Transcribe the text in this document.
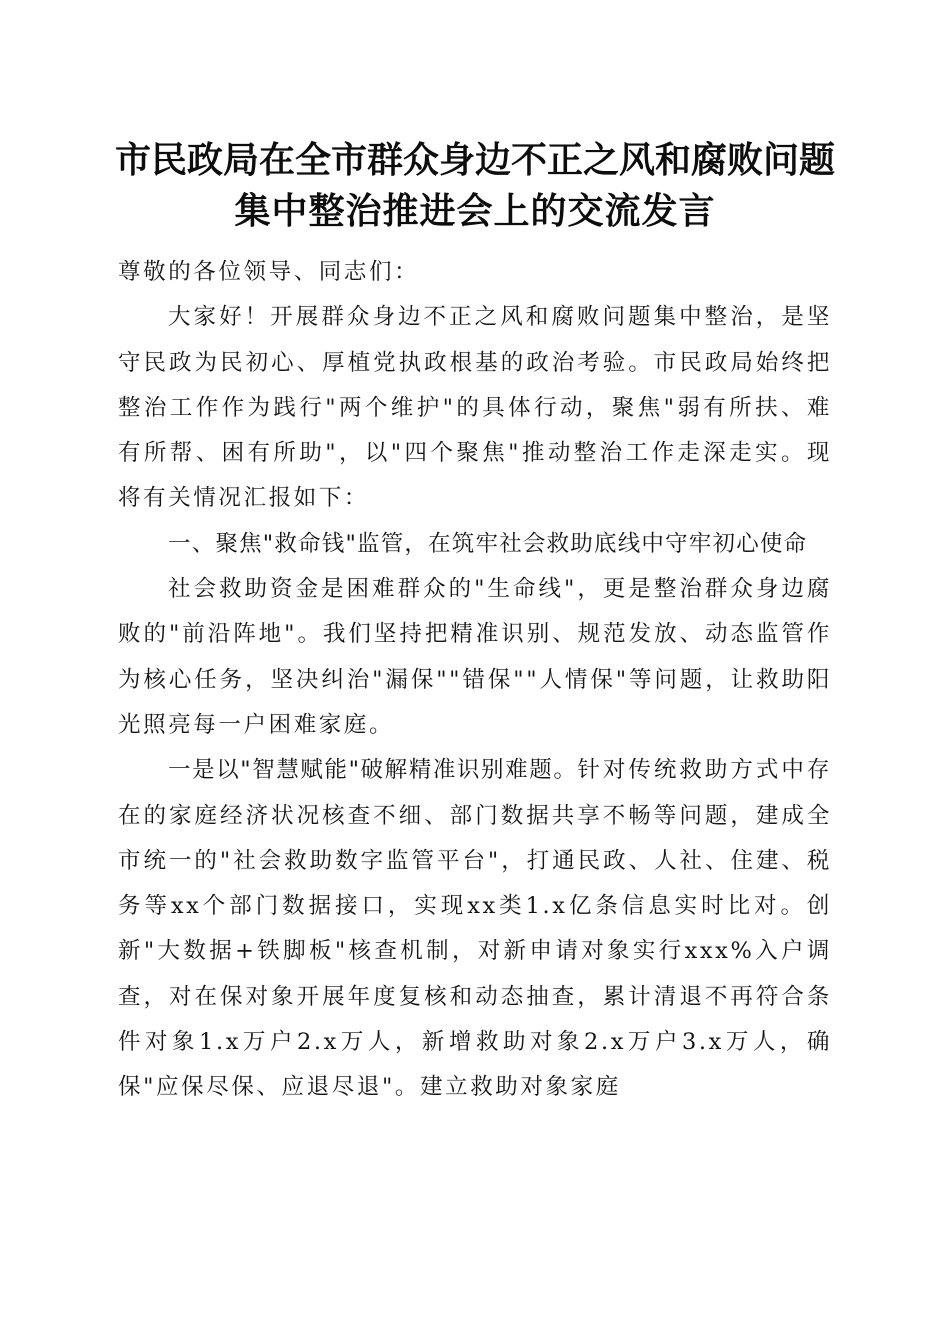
市民政局在全市群众身边不正之风和腐败问题
集中整治推进会上的交流发言

尊敬的各位领导、同志们：

大家好！开展群众身边不正之风和腐败问题集中整治，是坚守民政为民初心、厚植党执政根基的政治考验。市民政局始终把整治工作作为践行"两个维护"的具体行动，聚焦"弱有所扶、难有所帮、困有所助"，以"四个聚焦"推动整治工作走深走实。现将有关情况汇报如下：

一、聚焦"救命钱"监管，在筑牢社会救助底线中守牢初心使命

社会救助资金是困难群众的"生命线"，更是整治群众身边腐败的"前沿阵地"。我们坚持把精准识别、规范发放、动态监管作为核心任务，坚决纠治"漏保""错保""人情保"等问题，让救助阳光照亮每一户困难家庭。

一是以"智慧赋能"破解精准识别难题。针对传统救助方式中存在的家庭经济状况核查不细、部门数据共享不畅等问题，建成全市统一的"社会救助数字监管平台"，打通民政、人社、住建、税务等xx个部门数据接口，实现xx类1.x亿条信息实时比对。创新"大数据+铁脚板"核查机制，对新申请对象实行xxx%入户调查，对在保对象开展年度复核和动态抽查，累计清退不再符合条件对象1.x万户2.x万人，新增救助对象2.x万户3.x万人，确保"应保尽保、应退尽退"。建立救助对象家庭
